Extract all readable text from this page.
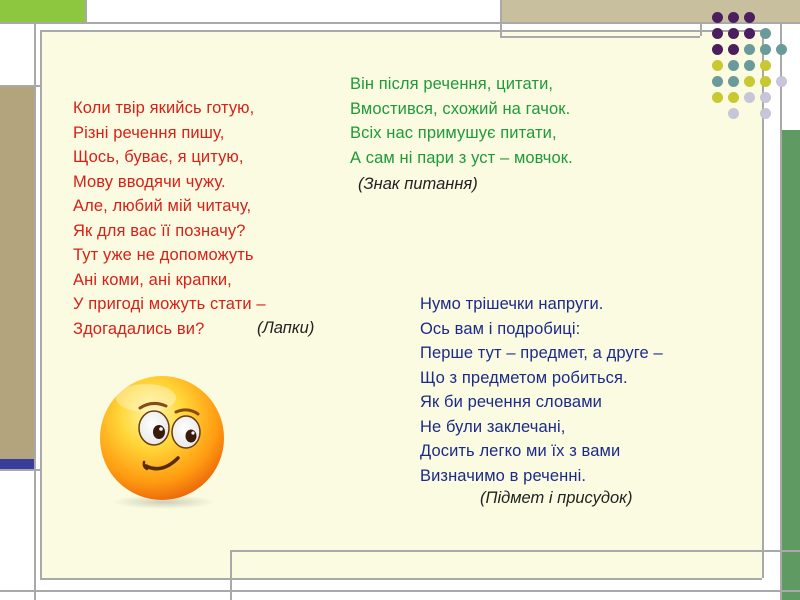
Коли твір якийсь готую,
Різні речення пишу,
Щось, буває, я цитую,
Мову вводячи чужу.
Але, любий мій читачу,
Як для вас її позначу?
Тут уже не допоможуть
Ані коми, ані крапки,
У пригоді можуть стати –
Здогадались ви?	(Лапки)
Він після речення, цитати,
Вмостився, схожий на гачок.
Всіх нас примушує питати,
А сам ні пари з уст – мовчок.
(Знак питання)
Нумо трішечки напруги.
Ось вам і подробиці:
Перше тут – предмет, а друге –
Що з предметом робиться.
Як би речення словами
Не були заклечані,
Досить легко ми їх з вами
Визначимо в реченні.
(Підмет і присудок)
